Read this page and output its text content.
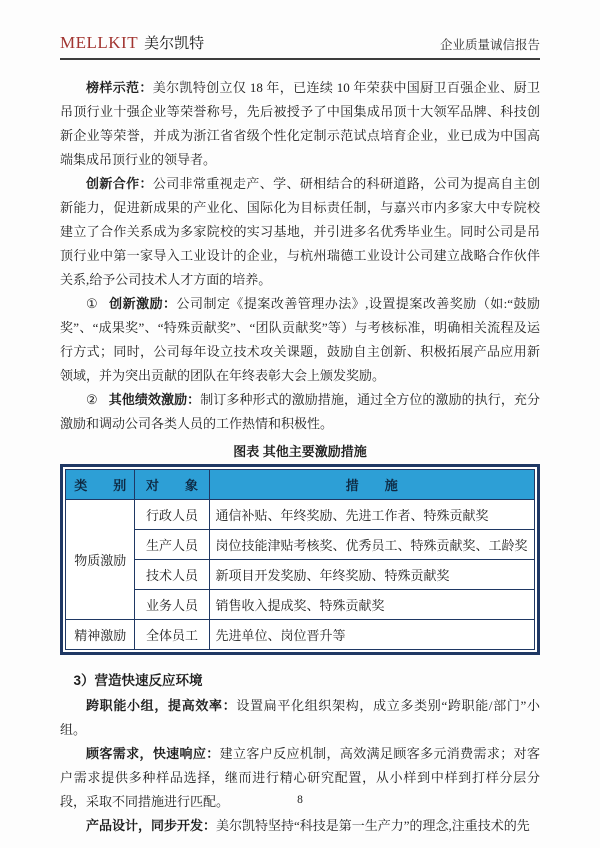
MELLKIT 美尔凯特	企业质量诚信报告

榜样示范：美尔凯特创立仅 18 年，已连续 10 年荣获中国厨卫百强企业、厨卫吊顶行业十强企业等荣誉称号，先后被授予了中国集成吊顶十大领军品牌、科技创新企业等荣誉，并成为浙江省省级个性化定制示范试点培育企业，业已成为中国高端集成吊顶行业的领导者。

创新合作：公司非常重视走产、学、研相结合的科研道路，公司为提高自主创新能力，促进新成果的产业化、国际化为目标责任制，与嘉兴市内多家大中专院校建立了合作关系成为多家院校的实习基地，并引进多名优秀毕业生。同时公司是吊顶行业中第一家导入工业设计的企业，与杭州瑞德工业设计公司建立战略合作伙伴关系,给予公司技术人才方面的培养。

① 创新激励：公司制定《提案改善管理办法》,设置提案改善奖励（如:“鼓励奖”、“成果奖”、“特殊贡献奖”、“团队贡献奖”等）与考核标准，明确相关流程及运行方式；同时，公司每年设立技术攻关课题，鼓励自主创新、积极拓展产品应用新领域，并为突出贡献的团队在年终表彰大会上颁发奖励。

② 其他绩效激励：制订多种形式的激励措施，通过全方位的激励的执行，充分激励和调动公司各类人员的工作热情和积极性。

图表 其他主要激励措施
类　　别	对　　象	措　　施
物质激励	行政人员	通信补贴、年终奖励、先进工作者、特殊贡献奖
	生产人员	岗位技能津贴考核奖、优秀员工、特殊贡献奖、工龄奖
	技术人员	新项目开发奖励、年终奖励、特殊贡献奖
	业务人员	销售收入提成奖、特殊贡献奖
精神激励	全体员工	先进单位、岗位晋升等
3）营造快速反应环境

跨职能小组，提高效率：设置扁平化组织架构，成立多类别“跨职能/部门”小组。

顾客需求，快速响应：建立客户反应机制，高效满足顾客多元消费需求；对客户需求提供多种样品选择，继而进行精心研究配置，从小样到中样到打样分层分段，采取不同措施进行匹配。

产品设计，同步开发：美尔凯特坚持“科技是第一生产力”的理念,注重技术的先

8
